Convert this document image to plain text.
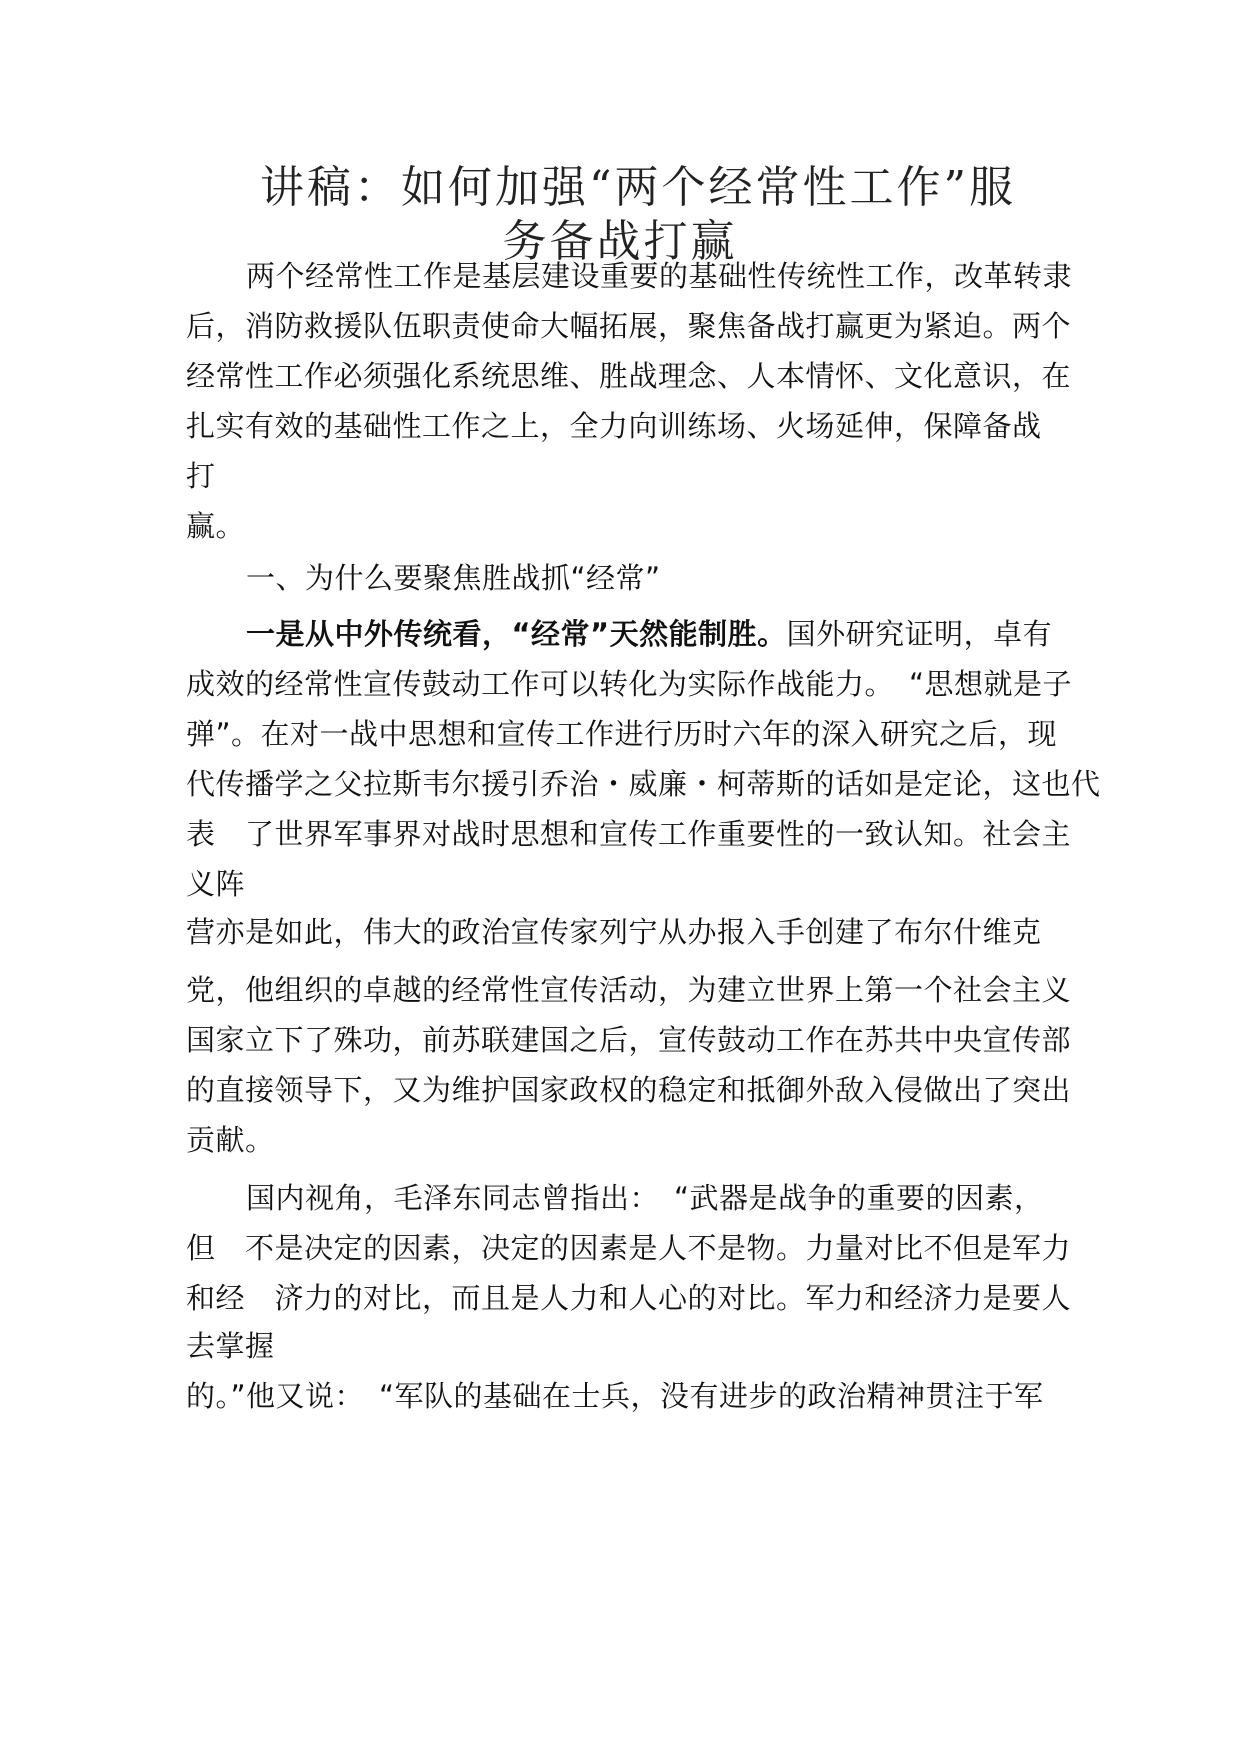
讲稿：如何加强“两个经常性工作”服
务备战打赢
两个经常性工作是基层建设重要的基础性传统性工作，改革转隶
后，消防救援队伍职责使命大幅拓展，聚焦备战打赢更为紧迫。两个
经常性工作必须强化系统思维、胜战理念、人本情怀、文化意识，在
扎实有效的基础性工作之上，全力向训练场、火场延伸，保障备战
打
赢。
一、为什么要聚焦胜战抓“经常”
一是从中外传统看，“经常”天然能制胜。国外研究证明，卓有
成效的经常性宣传鼓动工作可以转化为实际作战能力。　“思想就是子
弹”。在对一战中思想和宣传工作进行历时六年的深入研究之后，现
代传播学之父拉斯韦尔援引乔治・威廉・柯蒂斯的话如是定论，这也代
表　了世界军事界对战时思想和宣传工作重要性的一致认知。社会主
义阵
营亦是如此，伟大的政治宣传家列宁从办报入手创建了布尔什维克
党，他组织的卓越的经常性宣传活动，为建立世界上第一个社会主义
国家立下了殊功，前苏联建国之后，宣传鼓动工作在苏共中央宣传部
的直接领导下，又为维护国家政权的稳定和抵御外敌入侵做出了突出
贡献。
国内视角，毛泽东同志曾指出：　“武器是战争的重要的因素，
但　不是决定的因素，决定的因素是人不是物。力量对比不但是军力
和经　济力的对比，而且是人力和人心的对比。军力和经济力是要人
去掌握
的。”他又说：　“军队的基础在士兵，没有进步的政治精神贯注于军
